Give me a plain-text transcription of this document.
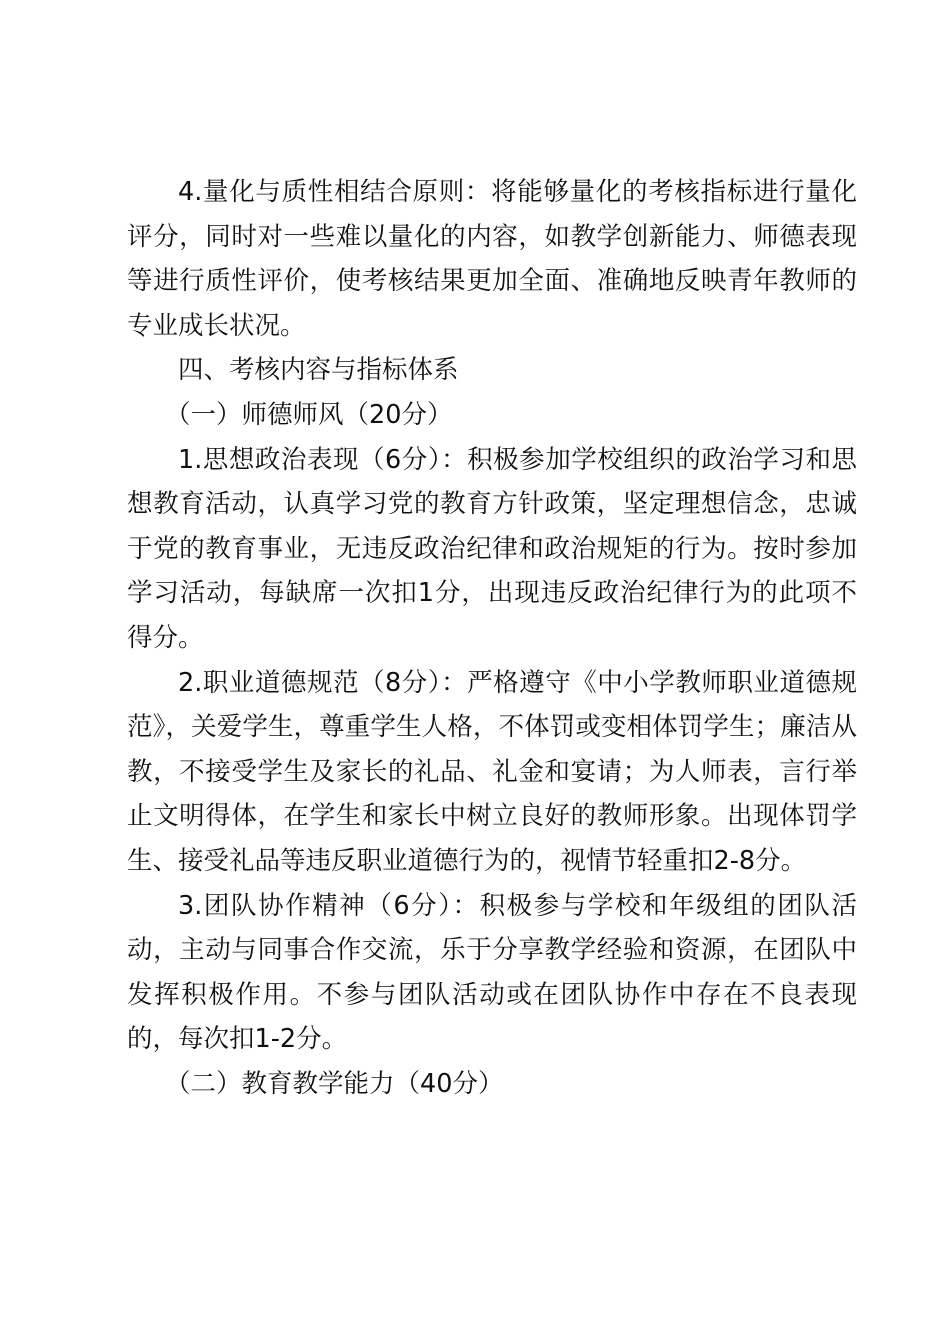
4.量化与质性相结合原则：将能够量化的考核指标进行量化评分，同时对一些难以量化的内容，如教学创新能力、师德表现等进行质性评价，使考核结果更加全面、准确地反映青年教师的专业成长状况。

四、考核内容与指标体系

（一）师德师风（20分）

1.思想政治表现（6分）：积极参加学校组织的政治学习和思想教育活动，认真学习党的教育方针政策，坚定理想信念，忠诚于党的教育事业，无违反政治纪律和政治规矩的行为。按时参加学习活动，每缺席一次扣1分，出现违反政治纪律行为的此项不得分。

2.职业道德规范（8分）：严格遵守《中小学教师职业道德规范》，关爱学生，尊重学生人格，不体罚或变相体罚学生；廉洁从教，不接受学生及家长的礼品、礼金和宴请；为人师表，言行举止文明得体，在学生和家长中树立良好的教师形象。出现体罚学生、接受礼品等违反职业道德行为的，视情节轻重扣2-8分。

3.团队协作精神（6分）：积极参与学校和年级组的团队活动，主动与同事合作交流，乐于分享教学经验和资源，在团队中发挥积极作用。不参与团队活动或在团队协作中存在不良表现的，每次扣1-2分。

（二）教育教学能力（40分）
